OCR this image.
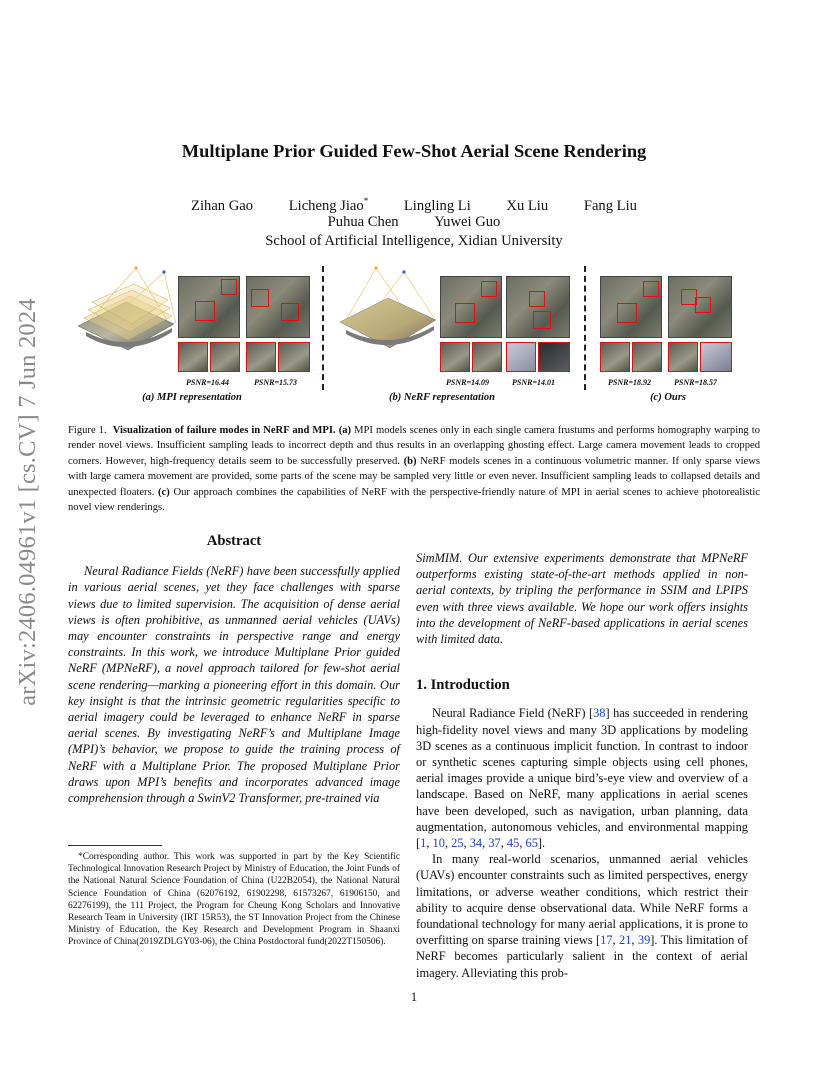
arXiv:2406.04961v1 [cs.CV] 7 Jun 2024
Multiplane Prior Guided Few-Shot Aerial Scene Rendering
Zihan Gao Licheng Jiao* Lingling Li Xu Liu Fang Liu
Puhua Chen Yuwei Guo
School of Artificial Intelligence, Xidian University
PSNR=16.44	PSNR=15.73
(a) MPI representation
PSNR=14.09	PSNR=14.01
(b) NeRF representation
PSNR=18.92	PSNR=18.57
(c) Ours
Figure 1. Visualization of failure modes in NeRF and MPI. (a) MPI models scenes only in each single camera frustums and performs homography warping to render novel views. Insufficient sampling leads to incorrect depth and thus results in an overlapping ghosting effect. Large camera movement leads to cropped corners. However, high-frequency details seem to be successfully preserved. (b) NeRF models scenes in a continuous volumetric manner. If only sparse views with large camera movement are provided, some parts of the scene may be sampled very little or even never. Insufficient sampling leads to collapsed details and unexpected floaters. (c) Our approach combines the capabilities of NeRF with the perspective-friendly nature of MPI in aerial scenes to achieve photorealistic novel view renderings.

Abstract

Neural Radiance Fields (NeRF) have been successfully applied in various aerial scenes, yet they face challenges with sparse views due to limited supervision. The acquisition of dense aerial views is often prohibitive, as unmanned aerial vehicles (UAVs) may encounter constraints in perspective range and energy constraints. In this work, we introduce Multiplane Prior guided NeRF (MPNeRF), a novel approach tailored for few-shot aerial scene rendering—marking a pioneering effort in this domain. Our key insight is that the intrinsic geometric regularities specific to aerial imagery could be leveraged to enhance NeRF in sparse aerial scenes. By investigating NeRF’s and Multiplane Image (MPI)’s behavior, we propose to guide the training process of NeRF with a Multiplane Prior. The proposed Multiplane Prior draws upon MPI’s benefits and incorporates advanced image comprehension through a SwinV2 Transformer, pre-trained via

*Corresponding author. This work was supported in part by the Key Scientific Technological Innovation Research Project by Ministry of Education, the Joint Funds of the National Natural Science Foundation of China (U22B2054), the National Natural Science Foundation of China (62076192, 61902298, 61573267, 61906150, and 62276199), the 111 Project, the Program for Cheung Kong Scholars and Innovative Research Team in University (IRT 15R53), the ST Innovation Project from the Chinese Ministry of Education, the Key Research and Development Program in Shaanxi Province of China(2019ZDLGY03-06), the China Postdoctoral fund(2022T150506).

SimMIM. Our extensive experiments demonstrate that MPNeRF outperforms existing state-of-the-art methods applied in non-aerial contexts, by tripling the performance in SSIM and LPIPS even with three views available. We hope our work offers insights into the development of NeRF-based applications in aerial scenes with limited data.

1. Introduction

Neural Radiance Field (NeRF) [38] has succeeded in rendering high-fidelity novel views and many 3D applications by modeling 3D scenes as a continuous implicit function. In contrast to indoor or synthetic scenes capturing simple objects using cell phones, aerial images provide a unique bird’s-eye view and overview of a landscape. Based on NeRF, many applications in aerial scenes have been developed, such as navigation, urban planning, data augmentation, autonomous vehicles, and environmental mapping [1, 10, 25, 34, 37, 45, 65].

In many real-world scenarios, unmanned aerial vehicles (UAVs) encounter constraints such as limited perspectives, energy limitations, or adverse weather conditions, which restrict their ability to acquire dense observational data. While NeRF forms a foundational technology for many aerial applications, it is prone to overfitting on sparse training views [17, 21, 39]. This limitation of NeRF becomes particularly salient in the context of aerial imagery. Alleviating this prob-

1
